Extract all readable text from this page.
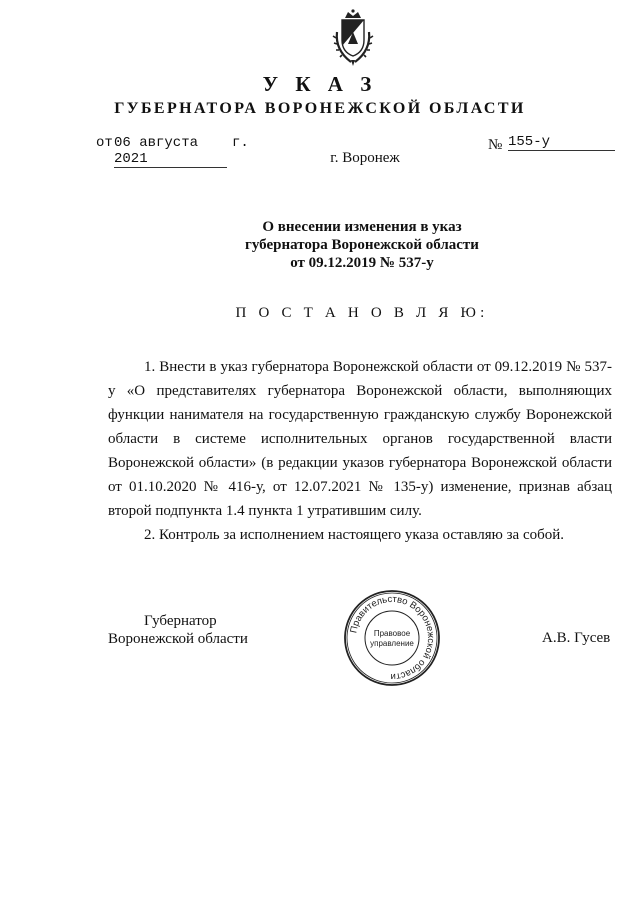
У К А З
ГУБЕРНАТОРА ВОРОНЕЖСКОЙ ОБЛАСТИ
от 06 августа 2021
г.	№ 155-у
г. Воронеж
О внесении изменения в указ
губернатора Воронежской области
от 09.12.2019 № 537-у
П О С Т А Н О В Л Я Ю:

1. Внести в указ губернатора Воронежской области от 09.12.2019 № 537-у «О представителях губернатора Воронежской области, выполняющих функции нанимателя на государственную гражданскую службу Воронежской области в системе исполнительных органов государственной власти Воронежской области» (в редакции указов губернатора Воронежской области от 01.10.2020 № 416-у, от 12.07.2021 № 135-у) изменение, признав абзац второй подпункта 1.4 пункта 1 утратившим силу.

2. Контроль за исполнением настоящего указа оставляю за собой.

Губернатор
Воронежской области
Правительство Воронежской области
Правовое
управление	А.В. Гусев
